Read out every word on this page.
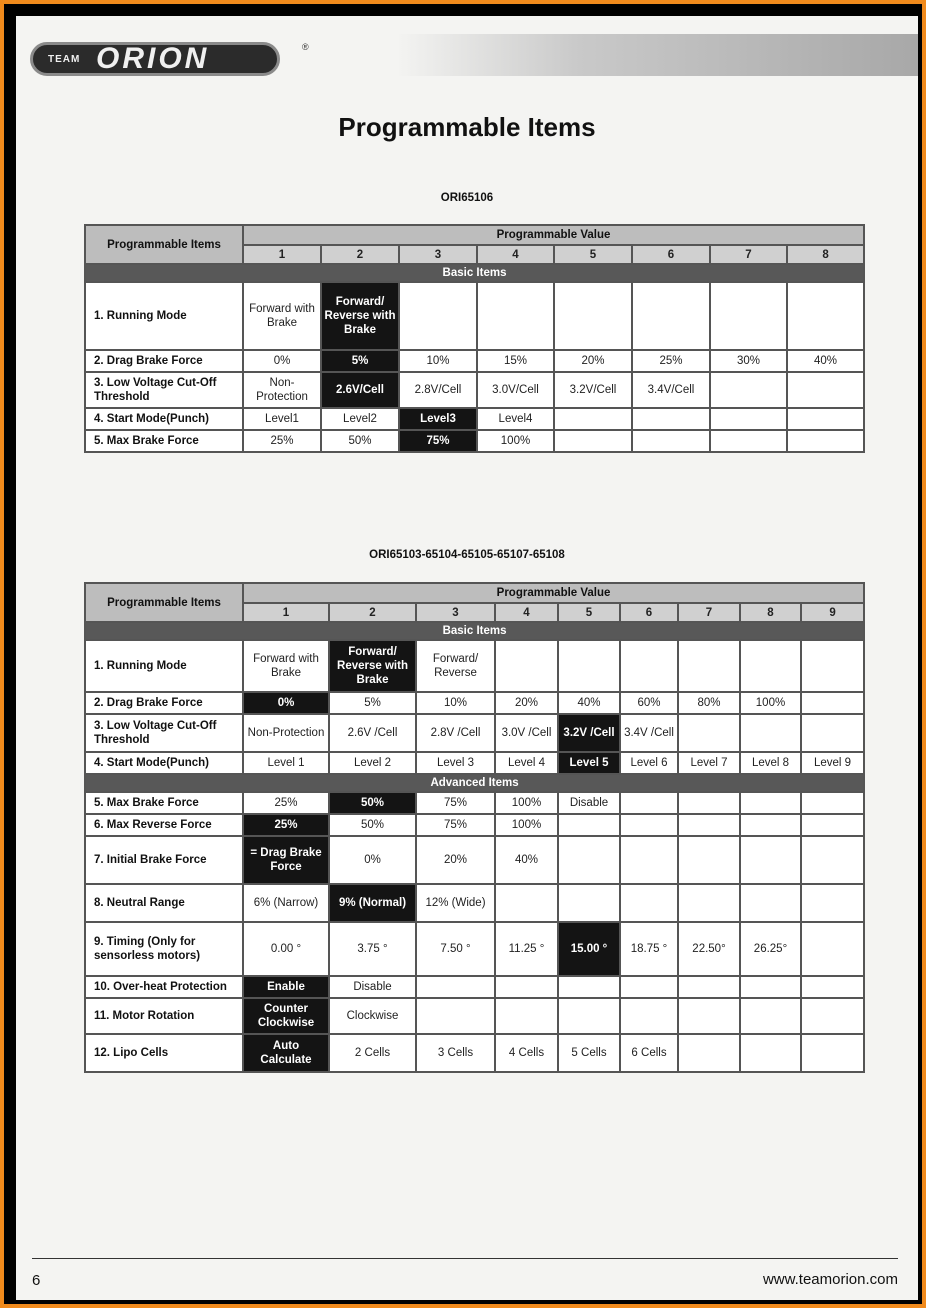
TEAM ORION	®
Programmable Items
ORI65106
Programmable Items	Programmable Value							
	1	2	3	4	5	6	7	8
Basic Items								
1. Running Mode	Forward with Brake	Forward/ Reverse with Brake						
2. Drag Brake Force	0%	5%	10%	15%	20%	25%	30%	40%
3. Low Voltage Cut-Off Threshold	Non-Protection	2.6V/Cell	2.8V/Cell	3.0V/Cell	3.2V/Cell	3.4V/Cell		
4. Start Mode(Punch)	Level1	Level2	Level3	Level4				
5. Max Brake Force	25%	50%	75%	100%				
ORI65103-65104-65105-65107-65108
Programmable Items	Programmable Value								
	1	2	3	4	5	6	7	8	9
Basic Items									
1. Running Mode	Forward with Brake	Forward/ Reverse with Brake	Forward/ Reverse						
2. Drag Brake Force	0%	5%	10%	20%	40%	60%	80%	100%	
3. Low Voltage Cut-Off Threshold	Non-Protection	2.6V /Cell	2.8V /Cell	3.0V /Cell	3.2V /Cell	3.4V /Cell			
4. Start Mode(Punch)	Level 1	Level 2	Level 3	Level 4	Level 5	Level 6	Level 7	Level 8	Level 9
Advanced Items									
5. Max Brake Force	25%	50%	75%	100%	Disable				
6. Max Reverse Force	25%	50%	75%	100%					
7. Initial Brake Force	= Drag Brake Force	0%	20%	40%					
8. Neutral Range	6% (Narrow)	9% (Normal)	12% (Wide)						
9. Timing (Only for sensorless motors)	0.00 °	3.75 °	7.50 °	11.25 °	15.00 °	18.75 °	22.50°	26.25°	
10. Over-heat Protection	Enable	Disable							
11. Motor Rotation	Counter Clockwise	Clockwise							
12. Lipo Cells	Auto Calculate	2 Cells	3 Cells	4 Cells	5 Cells	6 Cells			
6	www.teamorion.com
